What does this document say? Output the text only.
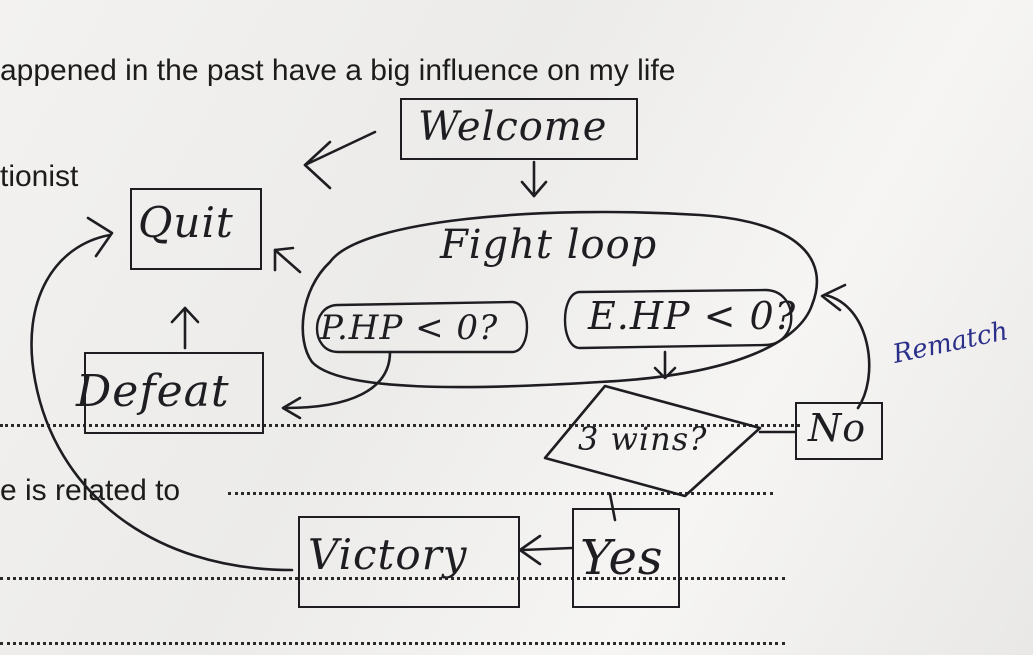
appened in the past have a big influence on my life
tionist
e is related to
Welcome
Quit	Fight loop
P.HP < 0? E.HP < 0?
Defeat
3 wins?	No
Rematch
Yes
Victory
